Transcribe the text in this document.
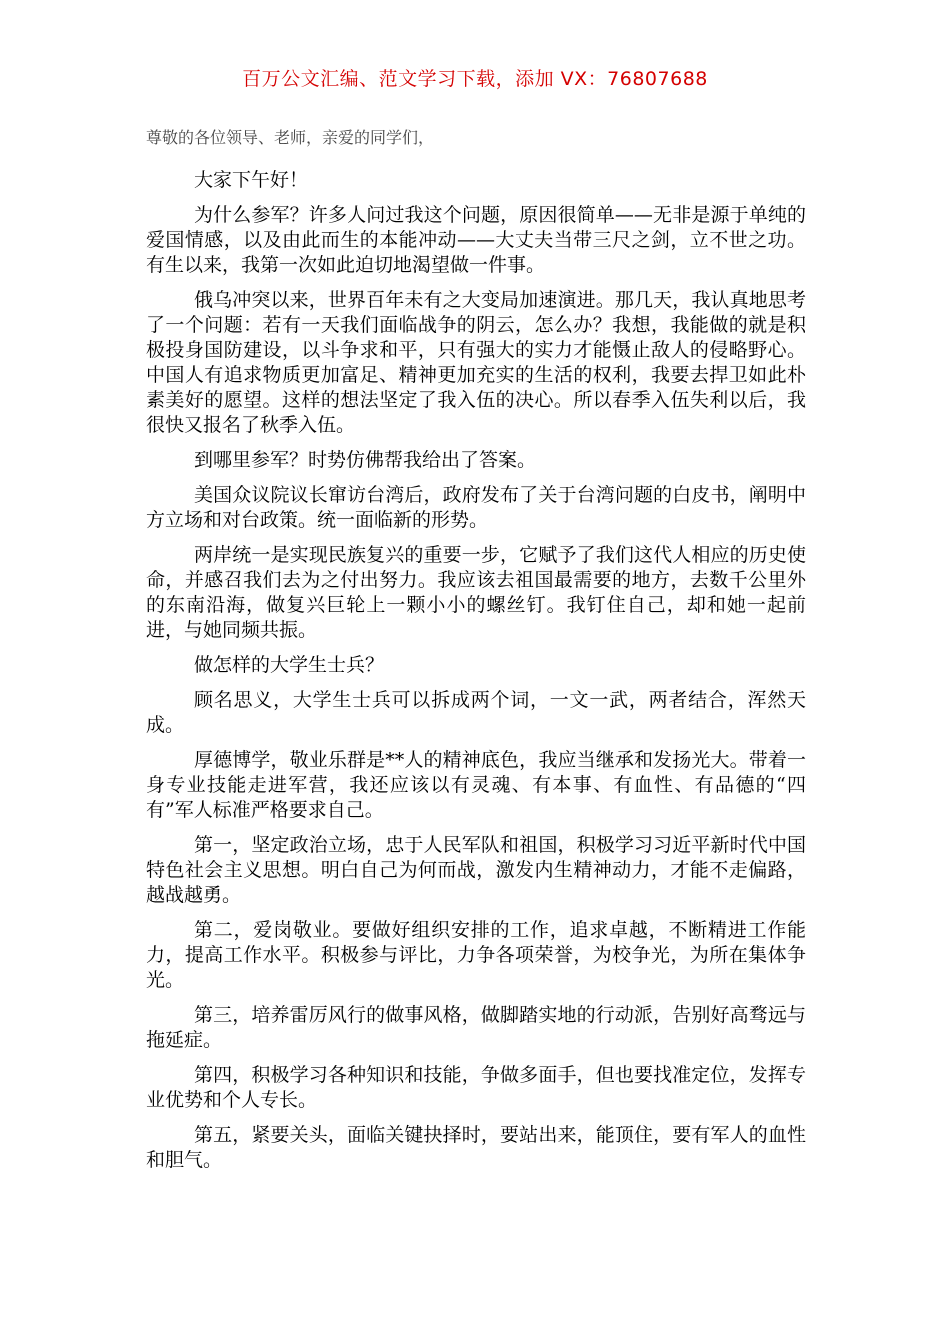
百万公文汇编、范文学习下载，添加 VX：76807688

尊敬的各位领导、老师，亲爱的同学们，

大家下午好！

为什么参军？许多人问过我这个问题，原因很简单——无非是源于单纯的爱国情感，以及由此而生的本能冲动——大丈夫当带三尺之剑，立不世之功。有生以来，我第一次如此迫切地渴望做一件事。

俄乌冲突以来，世界百年未有之大变局加速演进。那几天，我认真地思考了一个问题：若有一天我们面临战争的阴云，怎么办？我想，我能做的就是积极投身国防建设，以斗争求和平，只有强大的实力才能慑止敌人的侵略野心。中国人有追求物质更加富足、精神更加充实的生活的权利，我要去捍卫如此朴素美好的愿望。这样的想法坚定了我入伍的决心。所以春季入伍失利以后，我很快又报名了秋季入伍。

到哪里参军？时势仿佛帮我给出了答案。

美国众议院议长窜访台湾后，政府发布了关于台湾问题的白皮书，阐明中方立场和对台政策。统一面临新的形势。

两岸统一是实现民族复兴的重要一步，它赋予了我们这代人相应的历史使命，并感召我们去为之付出努力。我应该去祖国最需要的地方，去数千公里外的东南沿海，做复兴巨轮上一颗小小的螺丝钉。我钉住自己，却和她一起前进，与她同频共振。

做怎样的大学生士兵？

顾名思义，大学生士兵可以拆成两个词，一文一武，两者结合，浑然天成。

厚德博学，敬业乐群是**人的精神底色，我应当继承和发扬光大。带着一身专业技能走进军营，我还应该以有灵魂、有本事、有血性、有品德的“四有”军人标准严格要求自己。

第一，坚定政治立场，忠于人民军队和祖国，积极学习习近平新时代中国特色社会主义思想。明白自己为何而战，激发内生精神动力，才能不走偏路，越战越勇。

第二，爱岗敬业。要做好组织安排的工作，追求卓越，不断精进工作能力，提高工作水平。积极参与评比，力争各项荣誉，为校争光，为所在集体争光。

第三，培养雷厉风行的做事风格，做脚踏实地的行动派，告别好高骛远与拖延症。

第四，积极学习各种知识和技能，争做多面手，但也要找准定位，发挥专业优势和个人专长。

第五，紧要关头，面临关键抉择时，要站出来，能顶住，要有军人的血性和胆气。
